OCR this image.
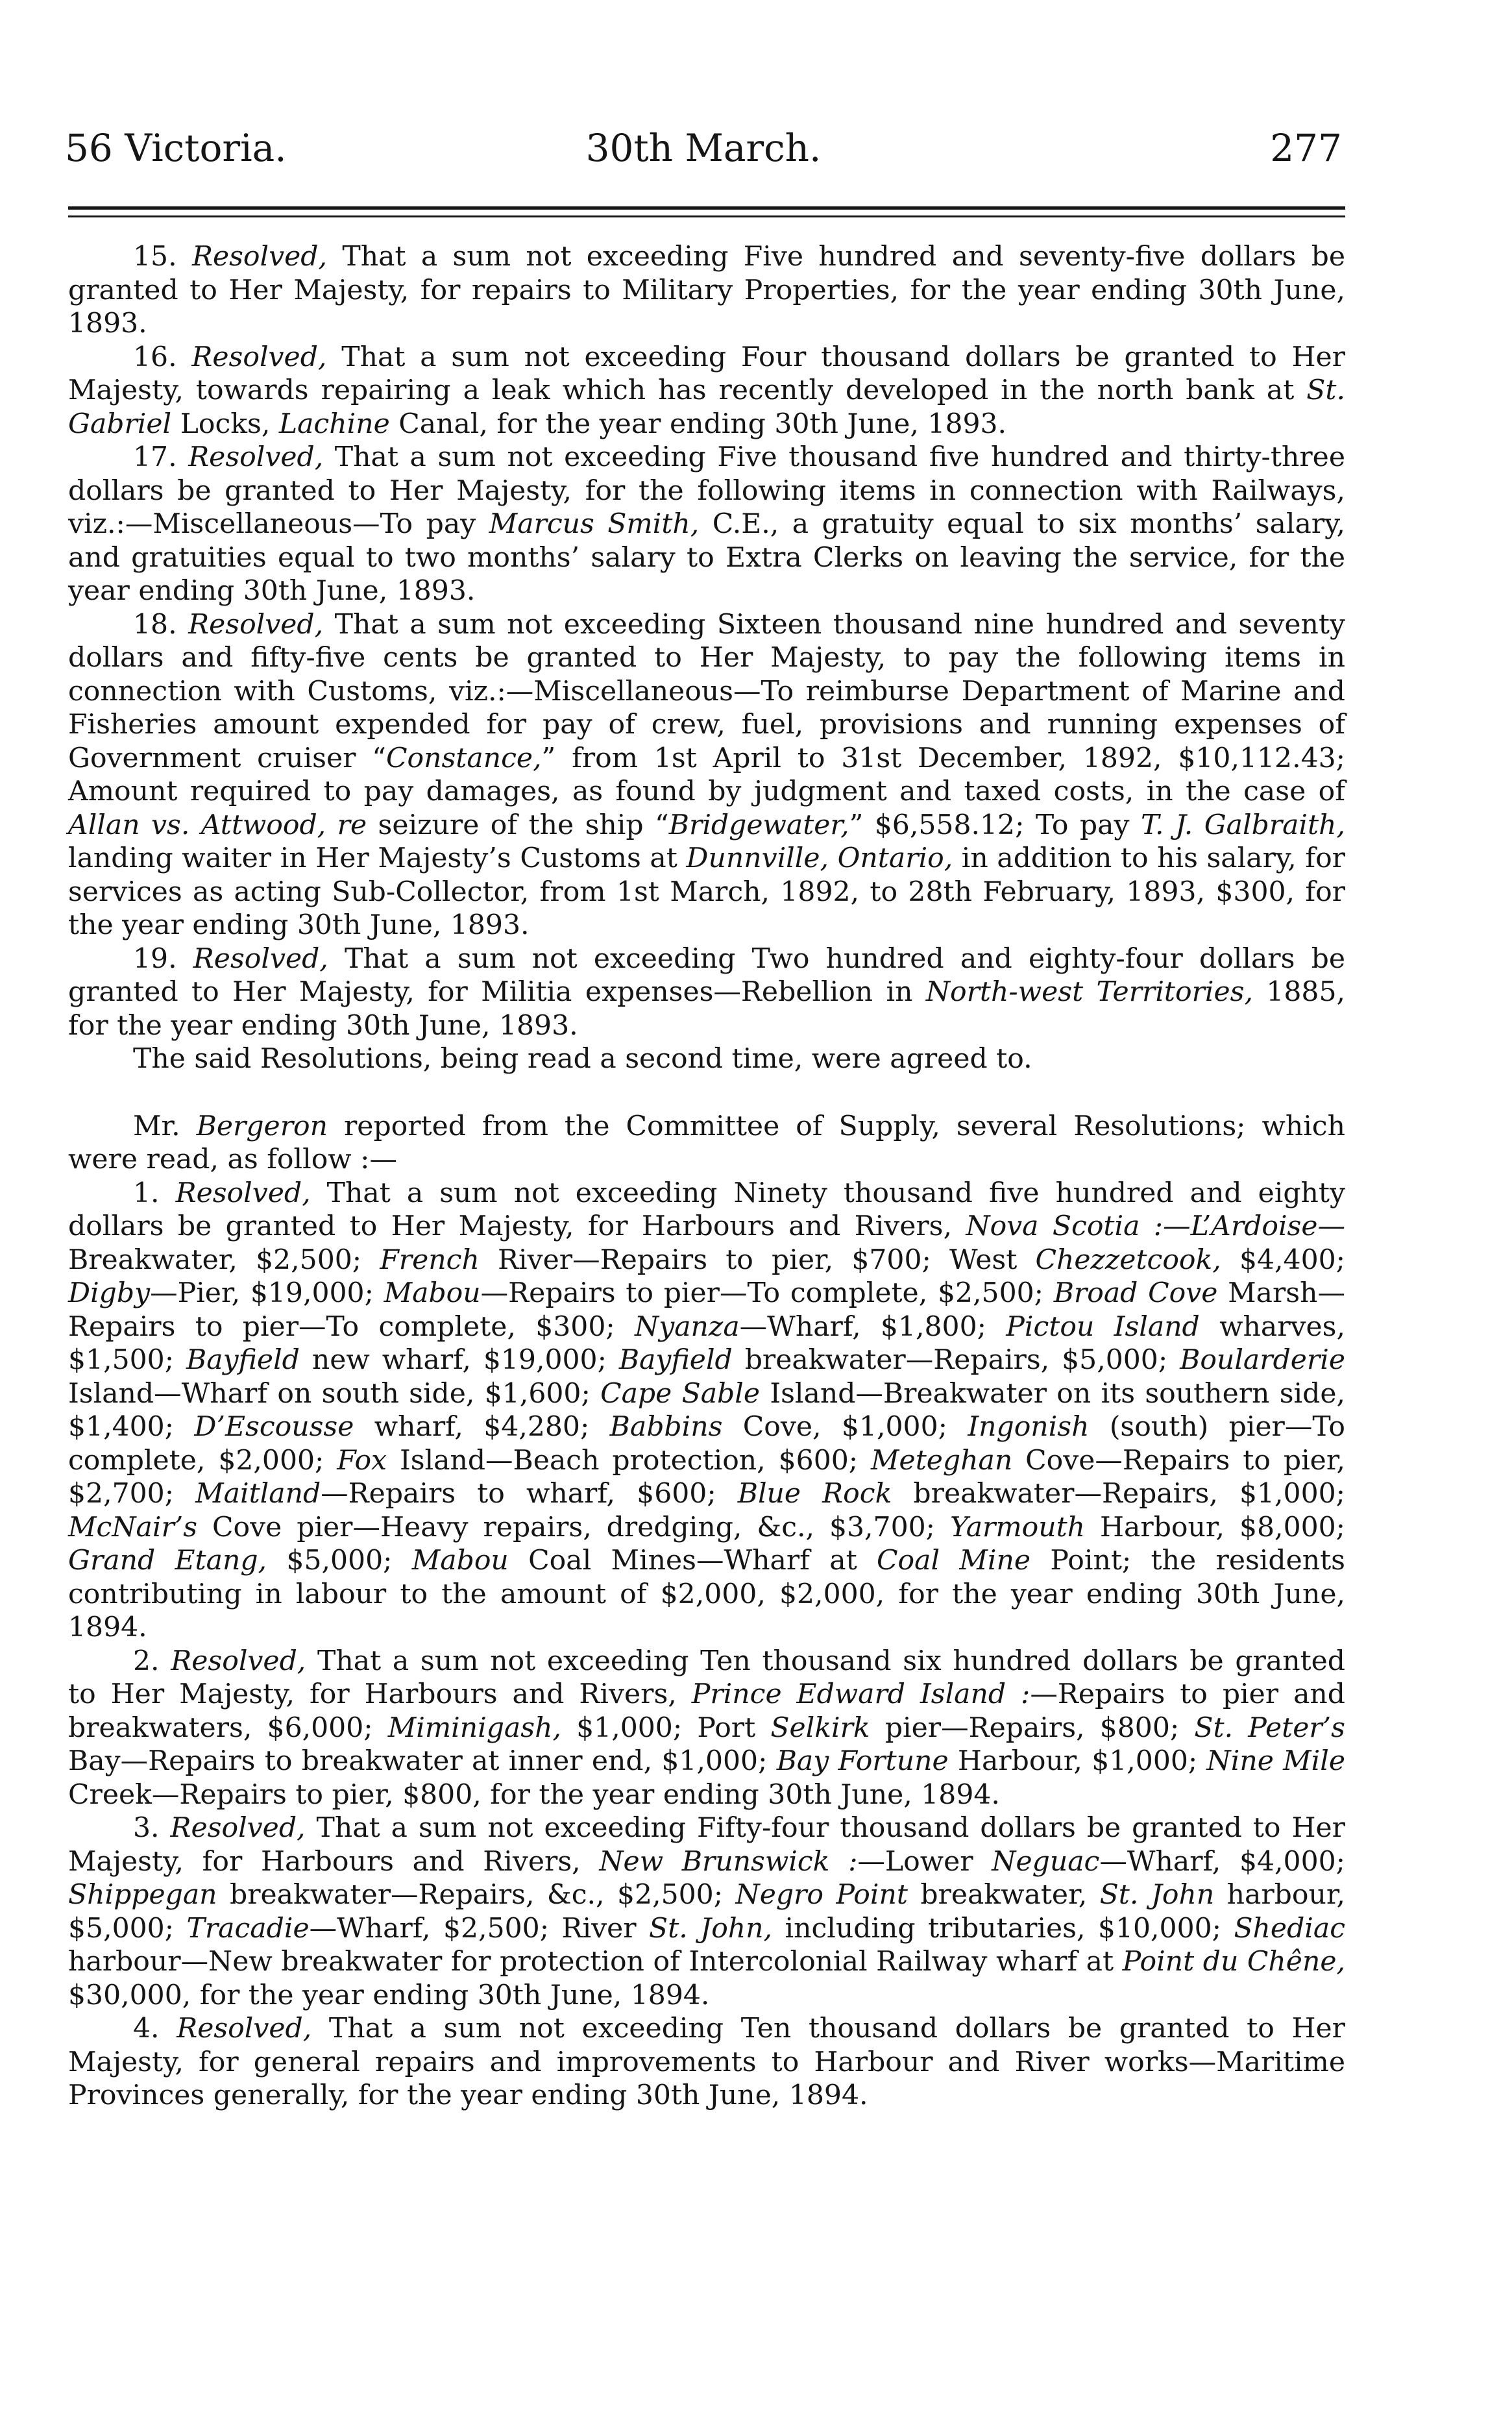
56 Victoria.	30th March.	277

15. Resolved, That a sum not exceeding Five hundred and seventy-five dollars be granted to Her Majesty, for repairs to Military Properties, for the year ending 30th June, 1893.

16. Resolved, That a sum not exceeding Four thousand dollars be granted to Her Majesty, towards repairing a leak which has recently developed in the north bank at St. Gabriel Locks, Lachine Canal, for the year ending 30th June, 1893.

17. Resolved, That a sum not exceeding Five thousand five hundred and thirty-three dollars be granted to Her Majesty, for the following items in connection with Railways, viz.:—Miscellaneous—To pay Marcus Smith, C.E., a gratuity equal to six months’ salary, and gratuities equal to two months’ salary to Extra Clerks on leaving the service, for the year ending 30th June, 1893.

18. Resolved, That a sum not exceeding Sixteen thousand nine hundred and seventy dollars and fifty-five cents be granted to Her Majesty, to pay the following items in connection with Customs, viz.:—Miscellaneous—To reimburse Department of Marine and Fisheries amount expended for pay of crew, fuel, provisions and running expenses of Government cruiser “Constance,” from 1st April to 31st December, 1892, $10,112.43; Amount required to pay damages, as found by judgment and taxed costs, in the case of Allan vs. Attwood, re seizure of the ship “Bridgewater,” $6,558.12; To pay T. J. Galbraith, landing waiter in Her Majesty’s Customs at Dunnville, Ontario, in addition to his salary, for services as acting Sub-Collector, from 1st March, 1892, to 28th February, 1893, $300, for the year ending 30th June, 1893.

19. Resolved, That a sum not exceeding Two hundred and eighty-four dollars be granted to Her Majesty, for Militia expenses—Rebellion in North-west Territories, 1885, for the year ending 30th June, 1893.

The said Resolutions, being read a second time, were agreed to.

Mr. Bergeron reported from the Committee of Supply, several Resolutions; which were read, as follow :—

1. Resolved, That a sum not exceeding Ninety thousand five hundred and eighty dollars be granted to Her Majesty, for Harbours and Rivers, Nova Scotia :—L’Ardoise—Breakwater, $2,500; French River—Repairs to pier, $700; West Chezzetcook, $4,400; Digby—Pier, $19,000; Mabou—Repairs to pier—To complete, $2,500; Broad Cove Marsh—Repairs to pier—To complete, $300; Nyanza—Wharf, $1,800; Pictou Island wharves, $1,500; Bayfield new wharf, $19,000; Bayfield breakwater—Repairs, $5,000; Boularderie Island—Wharf on south side, $1,600; Cape Sable Island—Breakwater on its southern side, $1,400; D’Escousse wharf, $4,280; Babbins Cove, $1,000; Ingonish (south) pier—To complete, $2,000; Fox Island—Beach protection, $600; Meteghan Cove—Repairs to pier, $2,700; Maitland—Repairs to wharf, $600; Blue Rock breakwater—Repairs, $1,000; McNair’s Cove pier—Heavy repairs, dredging, &c., $3,700; Yarmouth Harbour, $8,000; Grand Etang, $5,000; Mabou Coal Mines—Wharf at Coal Mine Point; the residents contributing in labour to the amount of $2,000, $2,000, for the year ending 30th June, 1894.

2. Resolved, That a sum not exceeding Ten thousand six hundred dollars be granted to Her Majesty, for Harbours and Rivers, Prince Edward Island :—Repairs to pier and breakwaters, $6,000; Miminigash, $1,000; Port Selkirk pier—Repairs, $800; St. Peter’s Bay—Repairs to breakwater at inner end, $1,000; Bay Fortune Harbour, $1,000; Nine Mile Creek—Repairs to pier, $800, for the year ending 30th June, 1894.

3. Resolved, That a sum not exceeding Fifty-four thousand dollars be granted to Her Majesty, for Harbours and Rivers, New Brunswick :—Lower Neguac—Wharf, $4,000; Shippegan breakwater—Repairs, &c., $2,500; Negro Point breakwater, St. John harbour, $5,000; Tracadie—Wharf, $2,500; River St. John, including tributaries, $10,000; Shediac harbour—New breakwater for protection of Intercolonial Railway wharf at Point du Chêne, $30,000, for the year ending 30th June, 1894.

4. Resolved, That a sum not exceeding Ten thousand dollars be granted to Her Majesty, for general repairs and improvements to Harbour and River works—Maritime Provinces generally, for the year ending 30th June, 1894.
